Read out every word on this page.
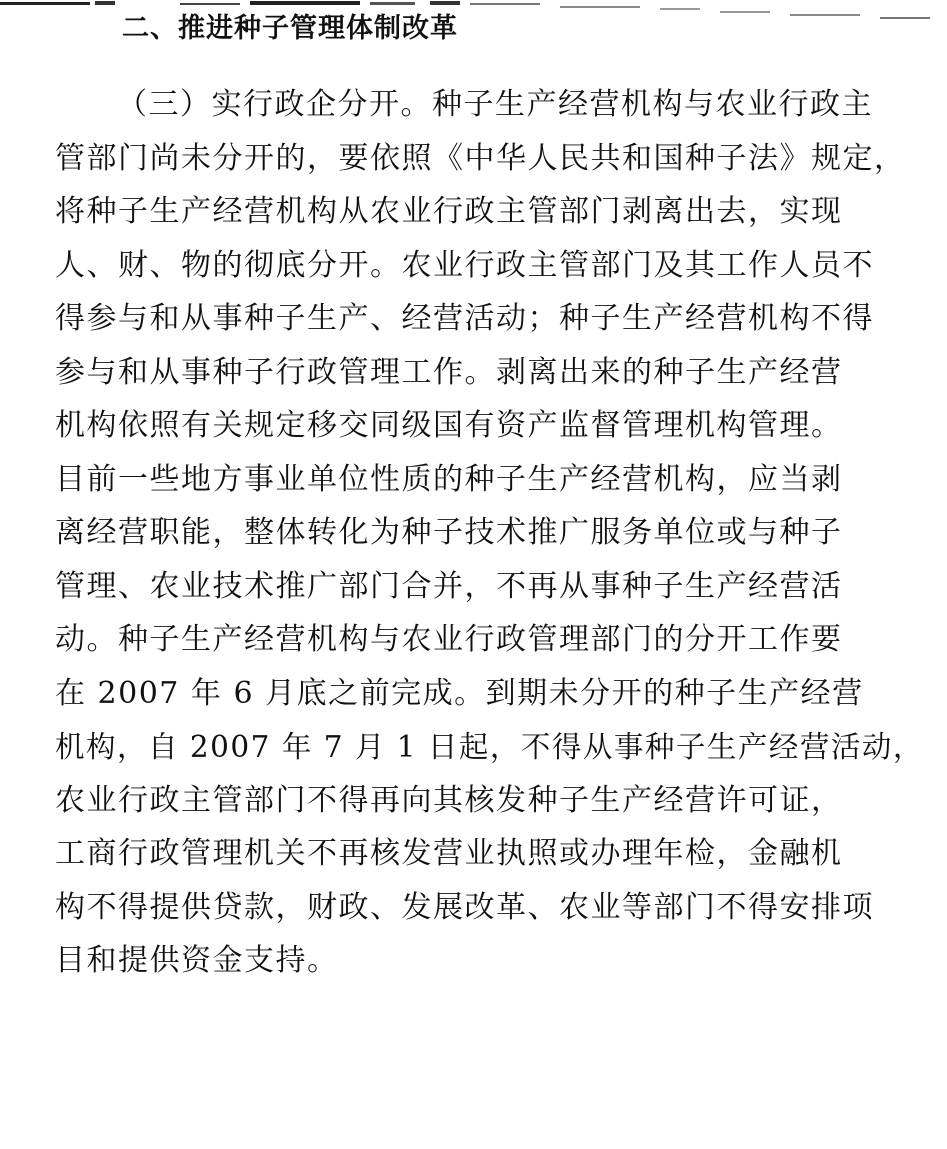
二、推进种子管理体制改革
（三）实行政企分开。种子生产经营机构与农业行政主
管部门尚未分开的，要依照《中华人民共和国种子法》规定，
将种子生产经营机构从农业行政主管部门剥离出去，实现
人、财、物的彻底分开。农业行政主管部门及其工作人员不
得参与和从事种子生产、经营活动；种子生产经营机构不得
参与和从事种子行政管理工作。剥离出来的种子生产经营
机构依照有关规定移交同级国有资产监督管理机构管理。
目前一些地方事业单位性质的种子生产经营机构，应当剥
离经营职能，整体转化为种子技术推广服务单位或与种子
管理、农业技术推广部门合并，不再从事种子生产经营活
动。种子生产经营机构与农业行政管理部门的分开工作要
在 2007 年 6 月底之前完成。到期未分开的种子生产经营
机构，自 2007 年 7 月 1 日起，不得从事种子生产经营活动，
农业行政主管部门不得再向其核发种子生产经营许可证，
工商行政管理机关不再核发营业执照或办理年检，金融机
构不得提供贷款，财政、发展改革、农业等部门不得安排项
目和提供资金支持。
